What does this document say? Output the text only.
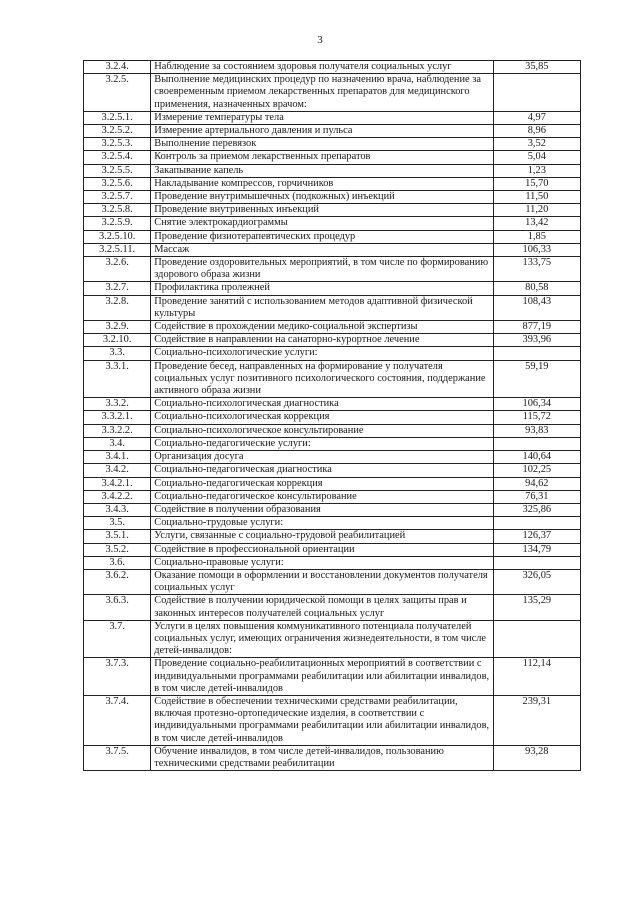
3
3.2.4.	Наблюдение за состоянием здоровья получателя социальных услуг	35,85
3.2.5.	Выполнение медицинских процедур по назначению врача, наблюдение за своевременным приемом лекарственных препаратов для медицинского применения, назначенных врачом:	
3.2.5.1.	Измерение температуры тела	4,97
3.2.5.2.	Измерение артериального давления и пульса	8,96
3.2.5.3.	Выполнение перевязок	3,52
3.2.5.4.	Контроль за приемом лекарственных препаратов	5,04
3.2.5.5.	Закапывание капель	1,23
3.2.5.6.	Накладывание компрессов, горчичников	15,70
3.2.5.7.	Проведение внутримышечных (подкожных) инъекций	11,50
3.2.5.8.	Проведение внутривенных инъекций	11,20
3.2.5.9.	Снятие электрокардиограммы	13,42
3.2.5.10.	Проведение физиотерапевтических процедур	1,85
3.2.5.11.	Массаж	106,33
3.2.6.	Проведение оздоровительных мероприятий, в том числе по формированию здорового образа жизни	133,75
3.2.7.	Профилактика пролежней	80,58
3.2.8.	Проведение занятий с использованием методов адаптивной физической культуры	108,43
3.2.9.	Содействие в прохождении медико-социальной экспертизы	877,19
3.2.10.	Содействие в направлении на санаторно-курортное лечение	393,96
3.3.	Социально-психологические услуги:	
3.3.1.	Проведение бесед, направленных на формирование у получателя социальных услуг позитивного психологического состояния, поддержание активного образа жизни	59,19
3.3.2.	Социально-психологическая диагностика	106,34
3.3.2.1.	Социально-психологическая коррекция	115,72
3.3.2.2.	Социально-психологическое консультирование	93,83
3.4.	Социально-педагогические услуги:	
3.4.1.	Организация досуга	140,64
3.4.2.	Социально-педагогическая диагностика	102,25
3.4.2.1.	Социально-педагогическая коррекция	94,62
3.4.2.2.	Социально-педагогическое консультирование	76,31
3.4.3.	Содействие в получении образования	325,86
3.5.	Социально-трудовые услуги:	
3.5.1.	Услуги, связанные с социально-трудовой реабилитацией	126,37
3.5.2.	Содействие в профессиональной ориентации	134,79
3.6.	Социально-правовые услуги:	
3.6.2.	Оказание помощи в оформлении и восстановлении документов получателя социальных услуг	326,05
3.6.3.	Содействие в получении юридической помощи в целях защиты прав и законных интересов получателей социальных услуг	135,29
3.7.	Услуги в целях повышения коммуникативного потенциала получателей социальных услуг, имеющих ограничения жизнедеятельности, в том числе детей-инвалидов:	
3.7.3.	Проведение социально-реабилитационных мероприятий в соответствии с индивидуальными программами реабилитации или абилитации инвалидов, в том числе детей-инвалидов	112,14
3.7.4.	Содействие в обеспечении техническими средствами реабилитации, включая протезно-ортопедические изделия, в соответствии с индивидуальными программами реабилитации или абилитации инвалидов, в том числе детей-инвалидов	239,31
3.7.5.	Обучение инвалидов, в том числе детей-инвалидов, пользованию техническими средствами реабилитации	93,28
